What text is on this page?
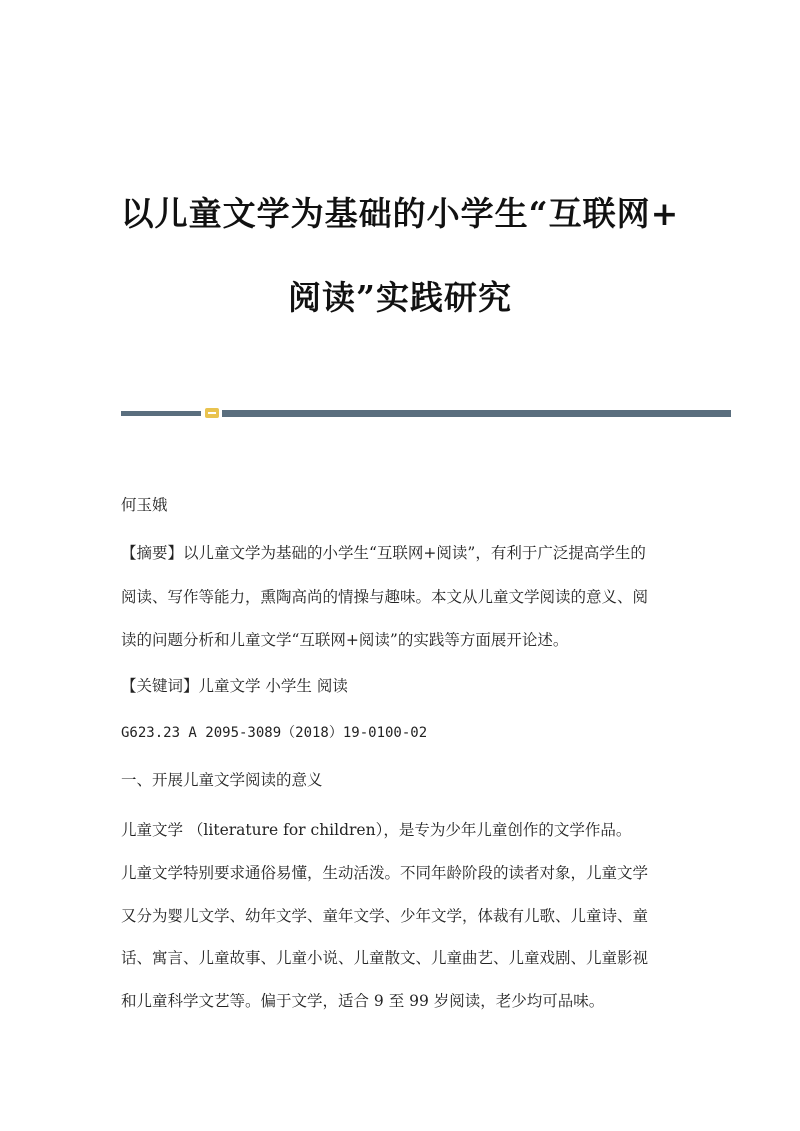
以儿童文学为基础的小学生“互联网+
阅读”实践研究
何玉娥
【摘要】以儿童文学为基础的小学生“互联网+阅读”，有利于广泛提高学生的
阅读、写作等能力，熏陶高尚的情操与趣味。本文从儿童文学阅读的意义、阅
读的问题分析和儿童文学“互联网+阅读”的实践等方面展开论述。
【关键词】儿童文学 小学生 阅读
G623.23 A 2095-3089（2018）19-0100-02
一、开展儿童文学阅读的意义
儿童文学 （literature for children），是专为少年儿童创作的文学作品。
儿童文学特别要求通俗易懂，生动活泼。不同年龄阶段的读者对象，儿童文学
又分为婴儿文学、幼年文学、童年文学、少年文学，体裁有儿歌、儿童诗、童
话、寓言、儿童故事、儿童小说、儿童散文、儿童曲艺、儿童戏剧、儿童影视
和儿童科学文艺等。偏于文学，适合 9 至 99 岁阅读，老少均可品味。
